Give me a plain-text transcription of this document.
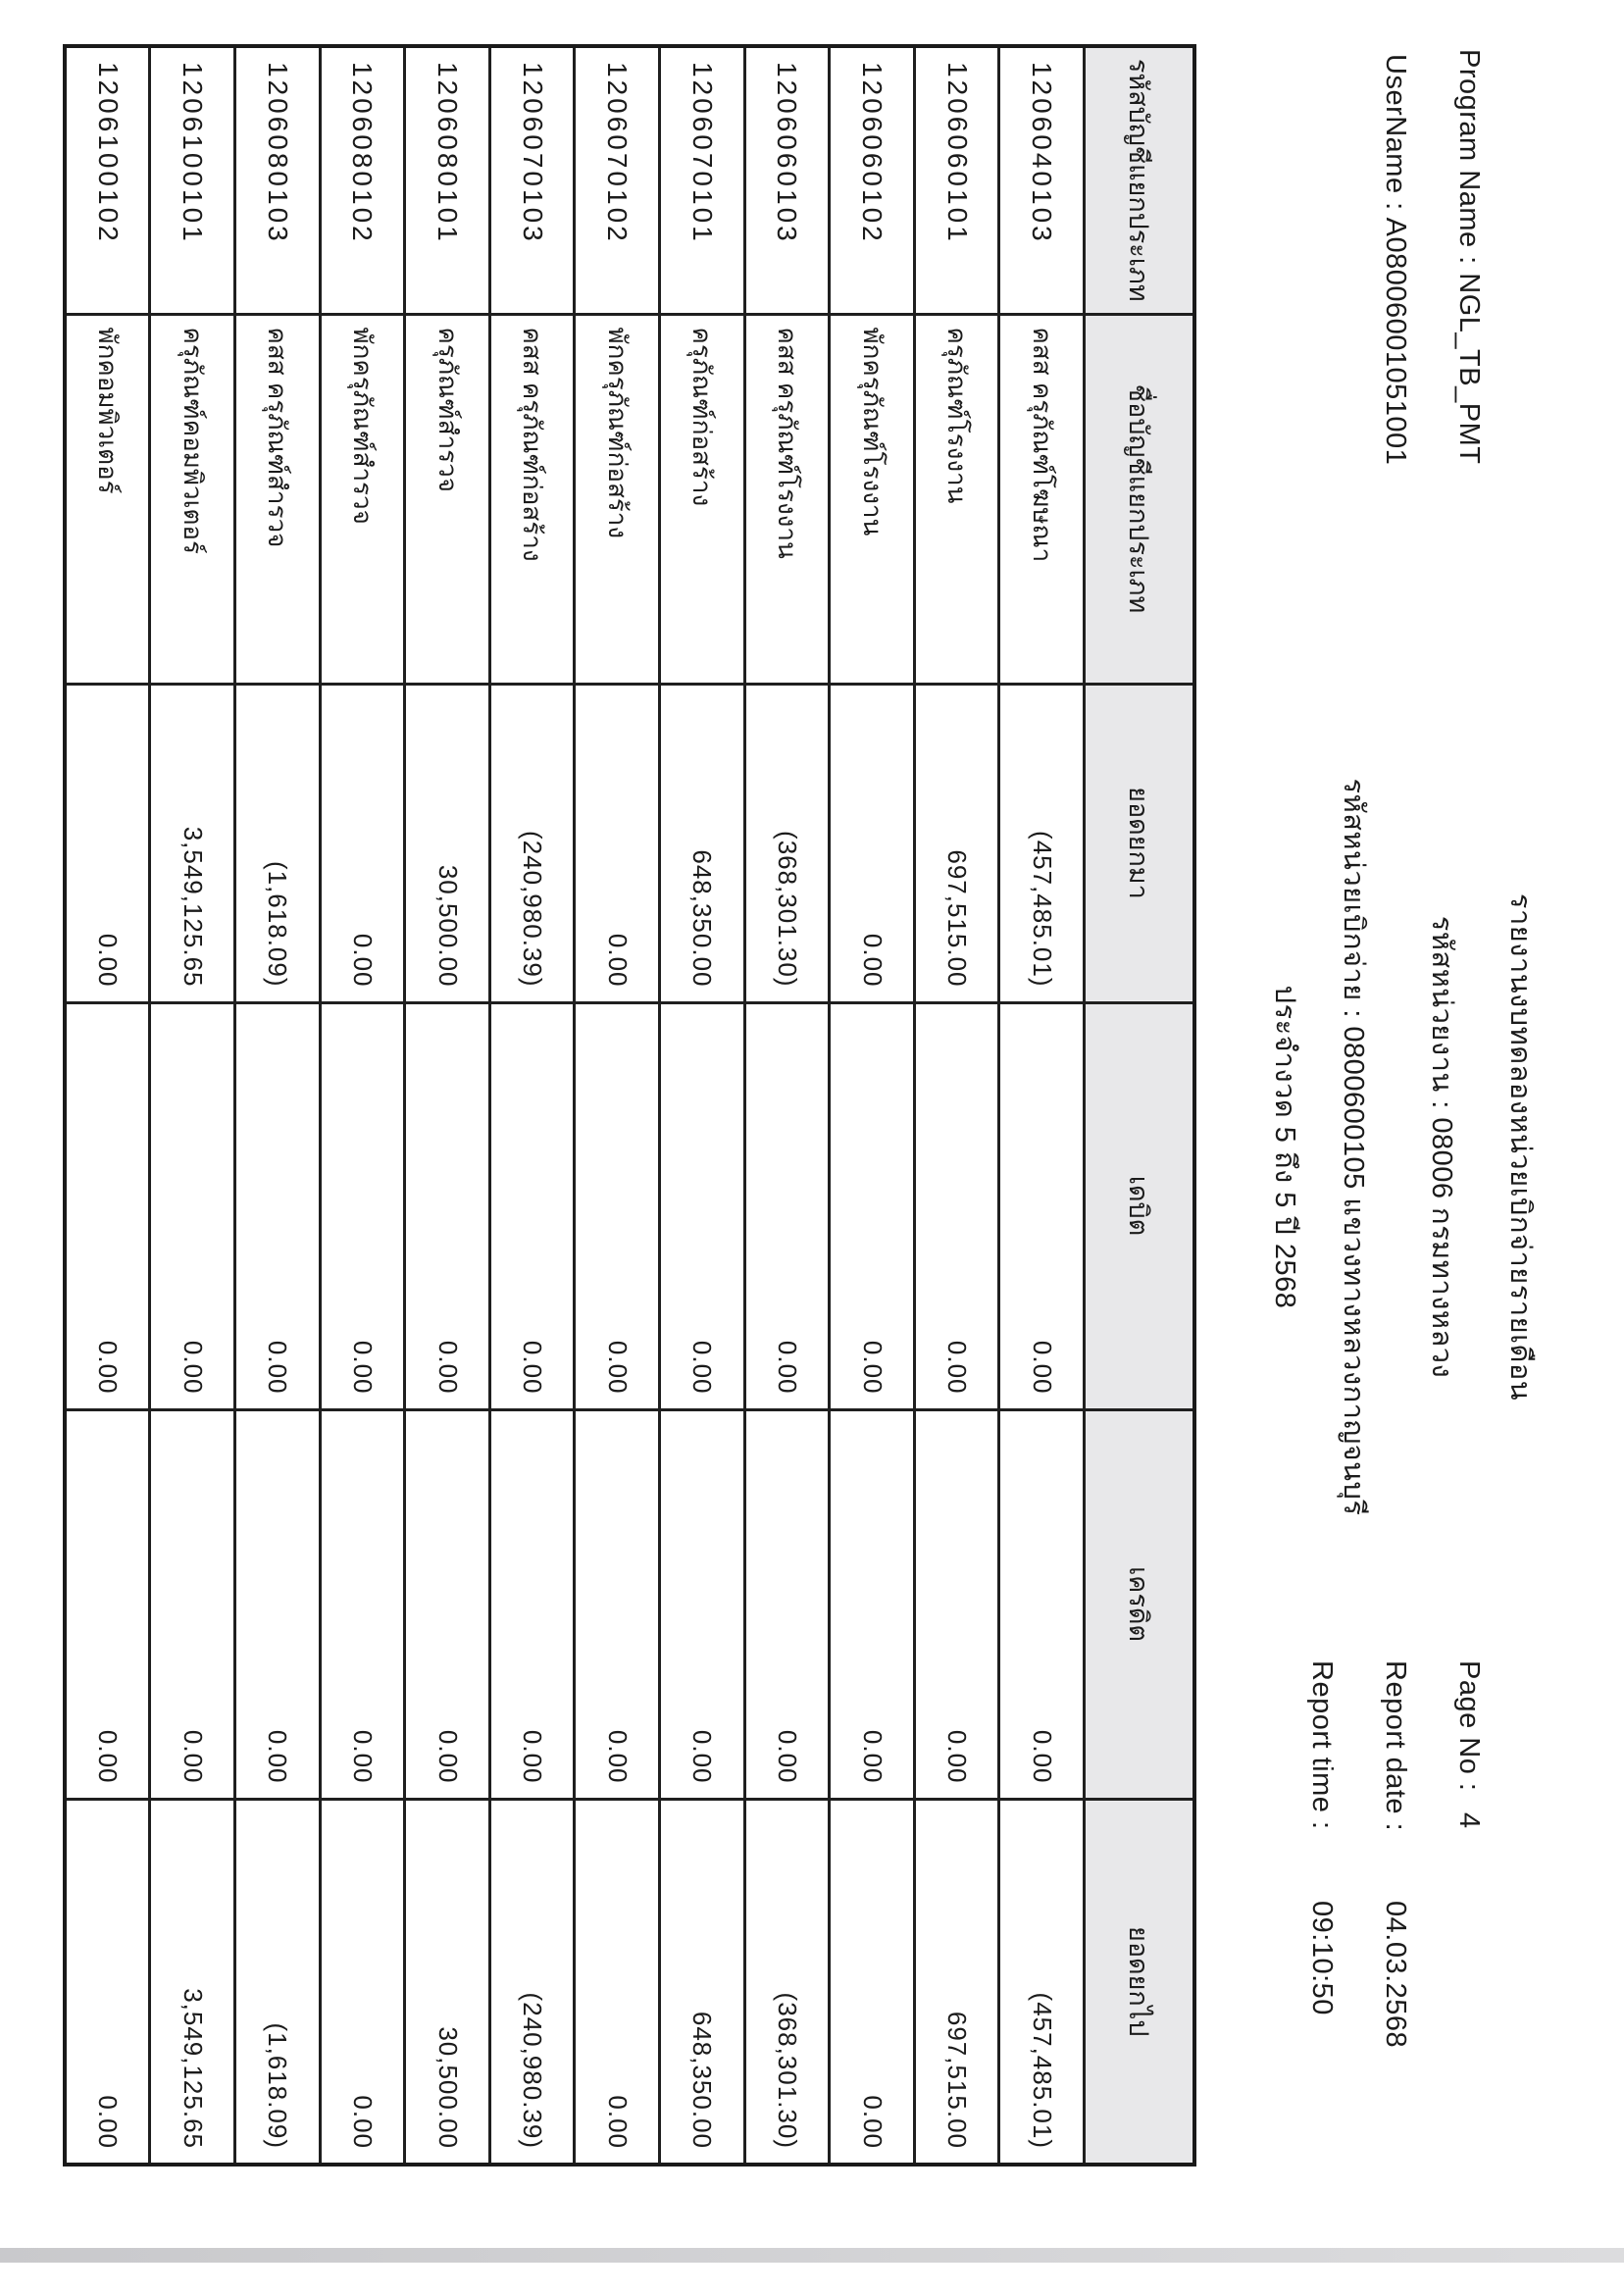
รายงานงบทดลองหน่วยเบิกจ่ายรายเดือน
Program Name : NGL_TB_PMT
รหัสหน่วยงาน : 08006 กรมทางหลวง
Page No :
4
UserName : A08006001051001
รหัสหน่วยเบิกจ่าย : 0800600105 แขวงทางหลวงกาญจนบุรี
Report date :
04.03.2568
Report time :
09:10:50
ประจำงวด 5 ถึง 5 ปี 2568
รหัสบัญชีแยกประเภท	ชื่อบัญชีแยกประเภท	ยอดยกมา	เดบิต	เครดิต	ยอดยกไป
1206040103	คสส ครุภัณฑ์โฆษณา	(457,485.01)	0.00	0.00	(457,485.01)
1206060101	ครุภัณฑ์โรงงาน	697,515.00	0.00	0.00	697,515.00
1206060102	พักครุภัณฑ์โรงงาน	0.00	0.00	0.00	0.00
1206060103	คสส ครุภัณฑ์โรงงาน	(368,301.30)	0.00	0.00	(368,301.30)
1206070101	ครุภัณฑ์ก่อสร้าง	648,350.00	0.00	0.00	648,350.00
1206070102	พักครุภัณฑ์ก่อสร้าง	0.00	0.00	0.00	0.00
1206070103	คสส ครุภัณฑ์ก่อสร้าง	(240,980.39)	0.00	0.00	(240,980.39)
1206080101	ครุภัณฑ์สำรวจ	30,500.00	0.00	0.00	30,500.00
1206080102	พักครุภัณฑ์สำรวจ	0.00	0.00	0.00	0.00
1206080103	คสส ครุภัณฑ์สำรวจ	(1,618.09)	0.00	0.00	(1,618.09)
1206100101	ครุภัณฑ์คอมพิวเตอร์	3,549,125.65	0.00	0.00	3,549,125.65
1206100102	พักคอมพิวเตอร์	0.00	0.00	0.00	0.00
